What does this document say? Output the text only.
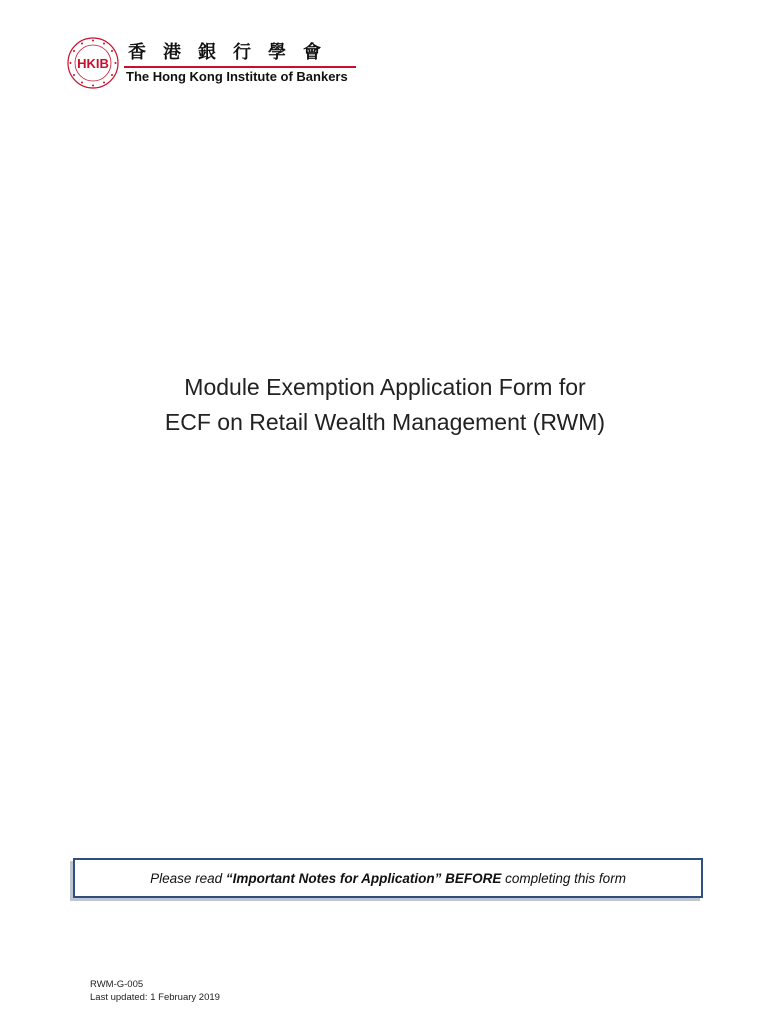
HKIB
香港銀行學會
The Hong Kong Institute of Bankers
Module Exemption Application Form for
ECF on Retail Wealth Management (RWM)
Please read “Important Notes for Application” BEFORE completing this form
RWM-G-005
Last updated: 1 February 2019
